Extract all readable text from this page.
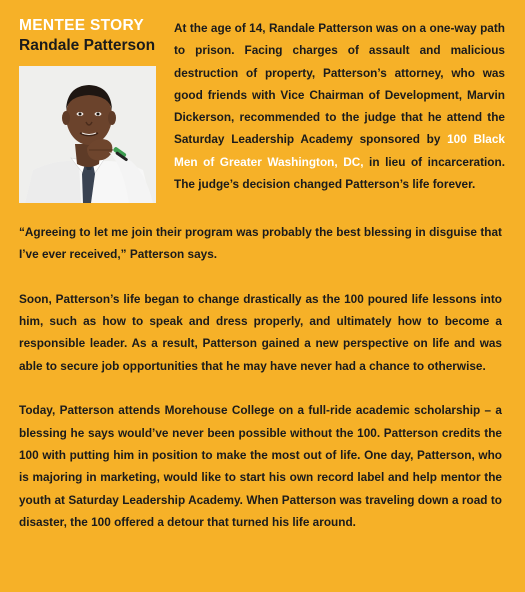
MENTEE STORY
Randale Patterson

At the age of 14, Randale Patterson was on a one-way path to prison. Facing charges of assault and malicious destruction of property, Patterson’s attorney, who was good friends with Vice Chairman of Development, Marvin Dickerson, recommended to the judge that he attend the Saturday Leadership Academy sponsored by 100 Black Men of Greater Washington, DC, in lieu of incarceration. The judge’s decision changed Patterson’s life forever.

“Agreeing to let me join their program was probably the best blessing in disguise that I’ve ever received,” Patterson says.

Soon, Patterson’s life began to change drastically as the 100 poured life lessons into him, such as how to speak and dress properly, and ultimately how to become a responsible leader. As a result, Patterson gained a new perspective on life and was able to secure job opportunities that he may have never had a chance to otherwise.

Today, Patterson attends Morehouse College on a full-ride academic scholarship – a blessing he says would’ve never been possible without the 100. Patterson credits the 100 with putting him in position to make the most out of life. One day, Patterson, who is majoring in marketing, would like to start his own record label and help mentor the youth at Saturday Leadership Academy. When Patterson was traveling down a road to disaster, the 100 offered a detour that turned his life around.
